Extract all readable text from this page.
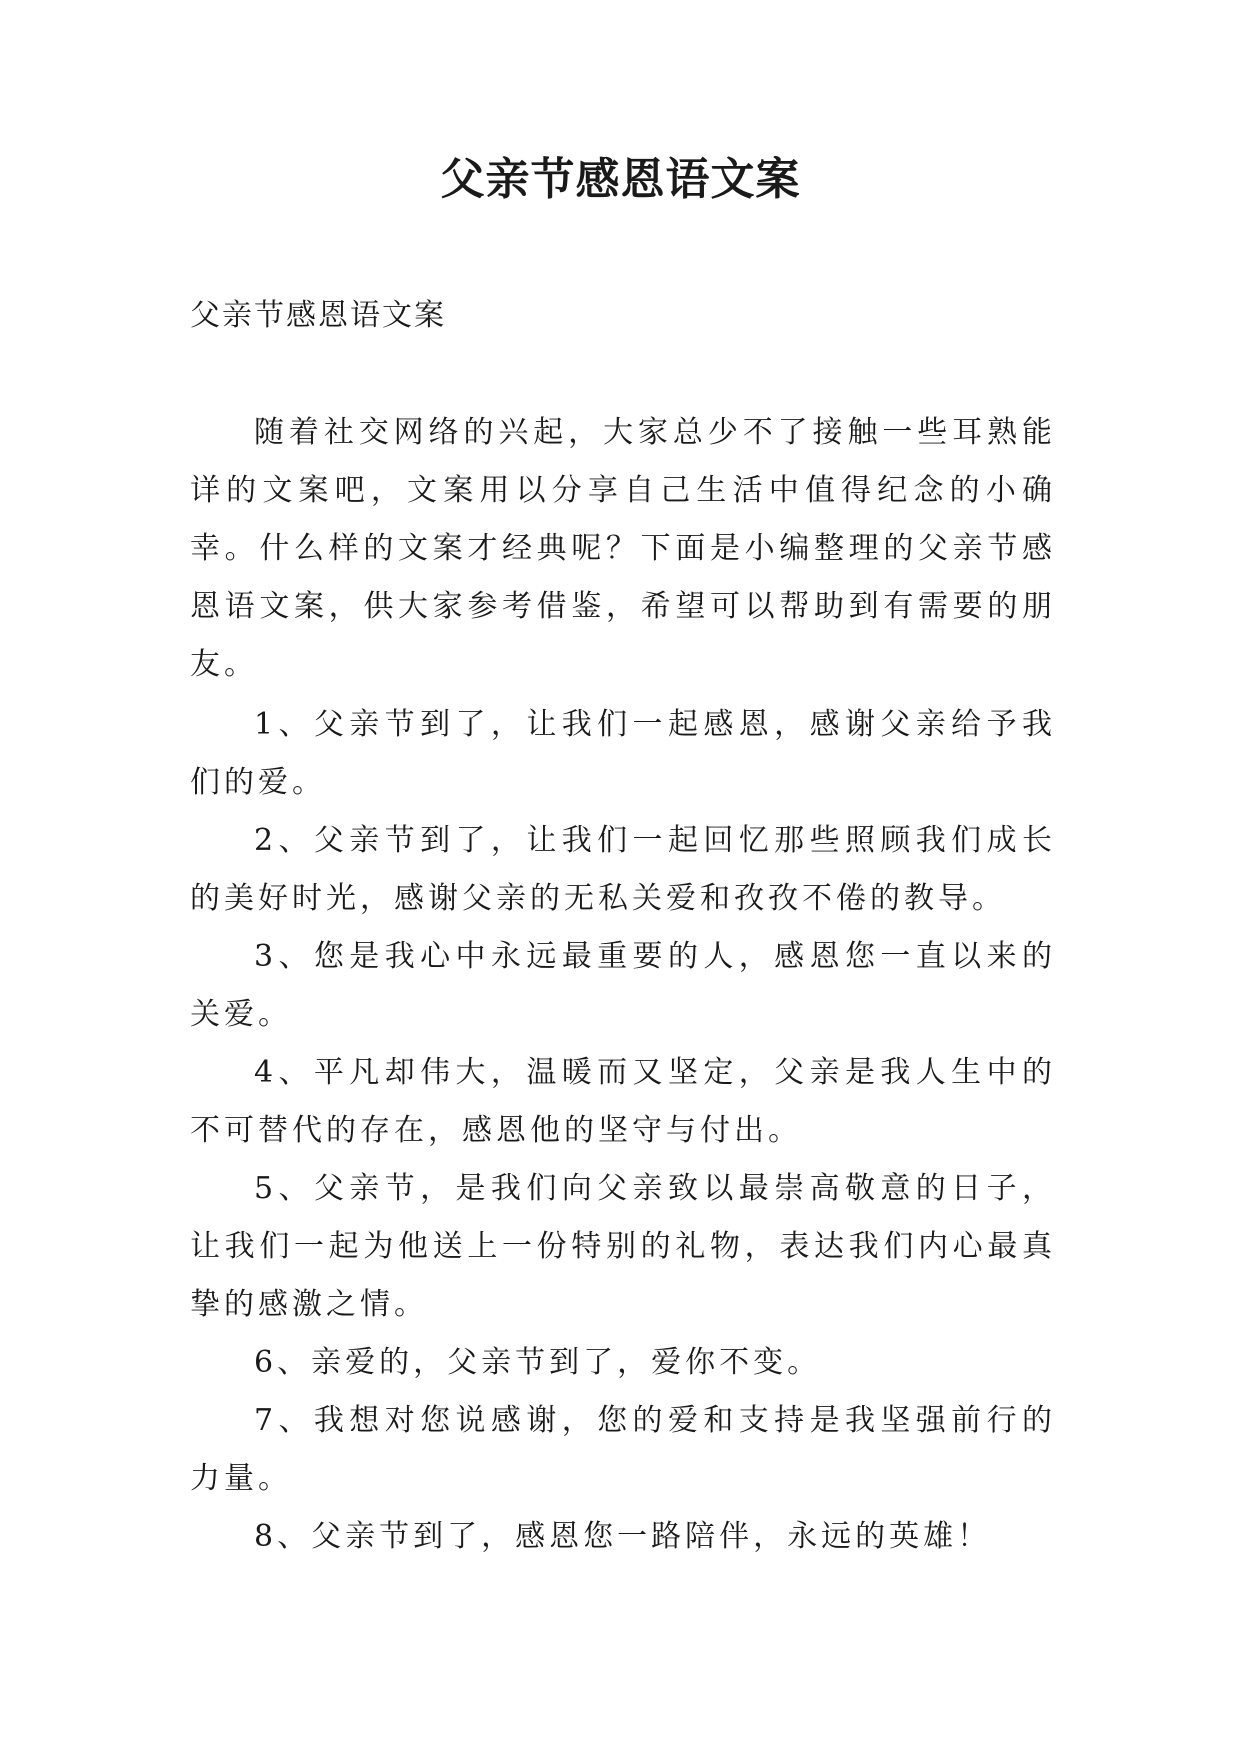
父亲节感恩语文案

父亲节感恩语文案

随着社交网络的兴起，大家总少不了接触一些耳熟能详的文案吧，文案用以分享自己生活中值得纪念的小确幸。什么样的文案才经典呢？下面是小编整理的父亲节感恩语文案，供大家参考借鉴，希望可以帮助到有需要的朋友。

1、父亲节到了，让我们一起感恩，感谢父亲给予我们的爱。

2、父亲节到了，让我们一起回忆那些照顾我们成长的美好时光，感谢父亲的无私关爱和孜孜不倦的教导。

3、您是我心中永远最重要的人，感恩您一直以来的关爱。

4、平凡却伟大，温暖而又坚定，父亲是我人生中的不可替代的存在，感恩他的坚守与付出。

5、父亲节，是我们向父亲致以最崇高敬意的日子，让我们一起为他送上一份特别的礼物，表达我们内心最真挚的感激之情。

6、亲爱的，父亲节到了，爱你不变。

7、我想对您说感谢，您的爱和支持是我坚强前行的力量。

8、父亲节到了，感恩您一路陪伴，永远的英雄！
